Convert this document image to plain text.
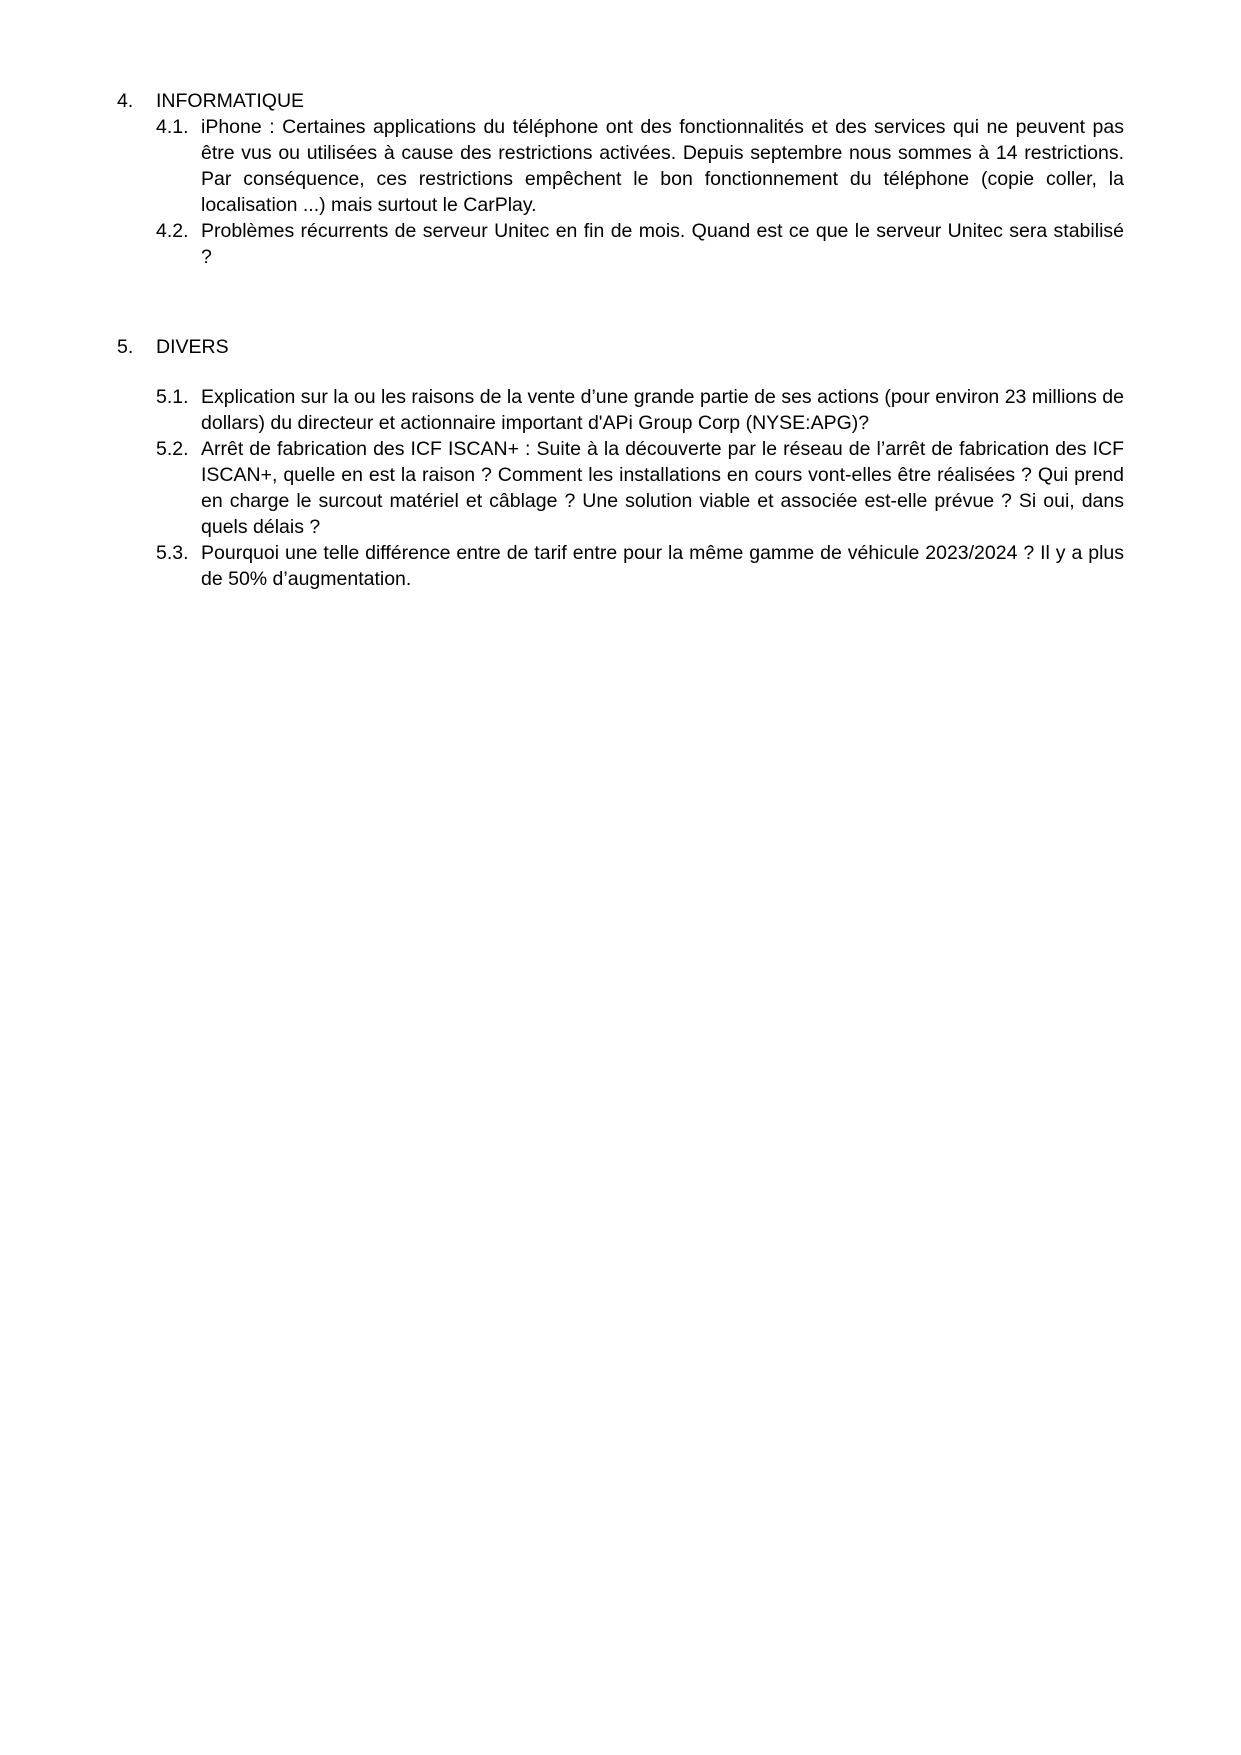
4.	INFORMATIQUE
4.1. iPhone : Certaines applications du téléphone ont des fonctionnalités et des services qui ne peuvent pas être vus ou utilisées à cause des restrictions activées. Depuis septembre nous sommes à 14 restrictions. Par conséquence, ces restrictions empêchent le bon fonctionnement du téléphone (copie coller, la localisation ...) mais surtout le CarPlay.
4.2. Problèmes récurrents de serveur Unitec en fin de mois. Quand est ce que le serveur Unitec sera stabilisé ?
5.	DIVERS
5.1. Explication sur la ou les raisons de la vente d’une grande partie de ses actions (pour environ 23 millions de dollars) du directeur et actionnaire important d'APi Group Corp (NYSE:APG)?
5.2. Arrêt de fabrication des ICF ISCAN+ : Suite à la découverte par le réseau de l’arrêt de fabrication des ICF ISCAN+, quelle en est la raison ? Comment les installations en cours vont-elles être réalisées ? Qui prend en charge le surcout matériel et câblage ? Une solution viable et associée est-elle prévue ? Si oui, dans quels délais ?
5.3. Pourquoi une telle différence entre de tarif entre pour la même gamme de véhicule 2023/2024 ? Il y a plus de 50% d’augmentation.
